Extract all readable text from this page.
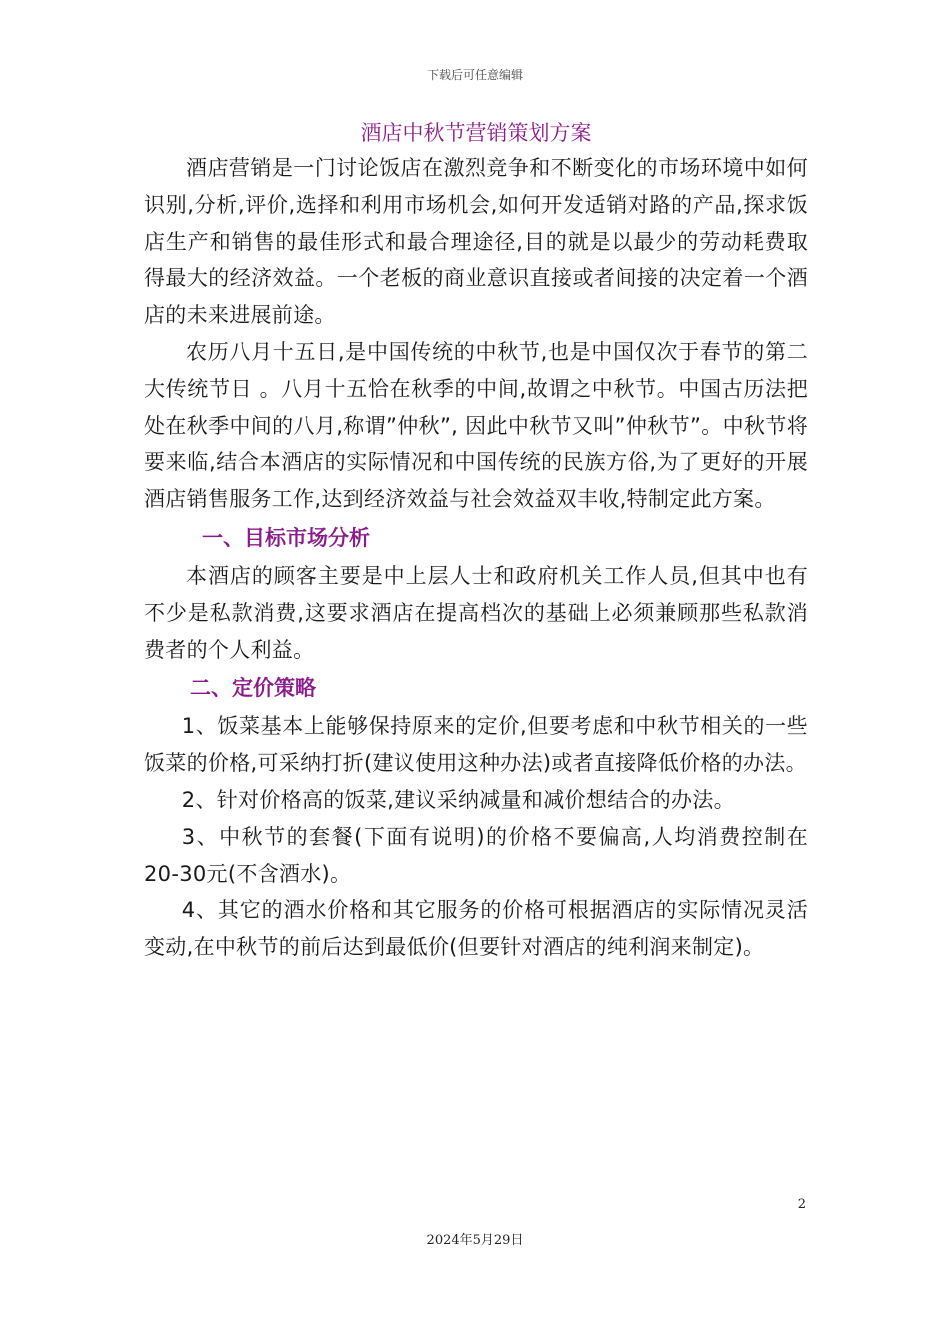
下载后可任意编辑
酒店中秋节营销策划方案

酒店营销是一门讨论饭店在激烈竞争和不断变化的市场环境中如何识别,分析,评价,选择和利用市场机会,如何开发适销对路的产品,探求饭店生产和销售的最佳形式和最合理途径,目的就是以最少的劳动耗费取得最大的经济效益。一个老板的商业意识直接或者间接的决定着一个酒店的未来进展前途。

农历八月十五日,是中国传统的中秋节,也是中国仅次于春节的第二大传统节日 。八月十五恰在秋季的中间,故谓之中秋节。中国古历法把处在秋季中间的八月,称谓”仲秋”, 因此中秋节又叫”仲秋节”。中秋节将要来临,结合本酒店的实际情况和中国传统的民族方俗,为了更好的开展酒店销售服务工作,达到经济效益与社会效益双丰收,特制定此方案。

一、目标市场分析

本酒店的顾客主要是中上层人士和政府机关工作人员,但其中也有不少是私款消费,这要求酒店在提高档次的基础上必须兼顾那些私款消费者的个人利益。

二、定价策略

1、饭菜基本上能够保持原来的定价,但要考虑和中秋节相关的一些饭菜的价格,可采纳打折(建议使用这种办法)或者直接降低价格的办法。

2、针对价格高的饭菜,建议采纳减量和减价想结合的办法。

3、中秋节的套餐(下面有说明)的价格不要偏高,人均消费控制在20-30元(不含酒水)。

4、其它的酒水价格和其它服务的价格可根据酒店的实际情况灵活变动,在中秋节的前后达到最低价(但要针对酒店的纯利润来制定)。

2
2024年5月29日
